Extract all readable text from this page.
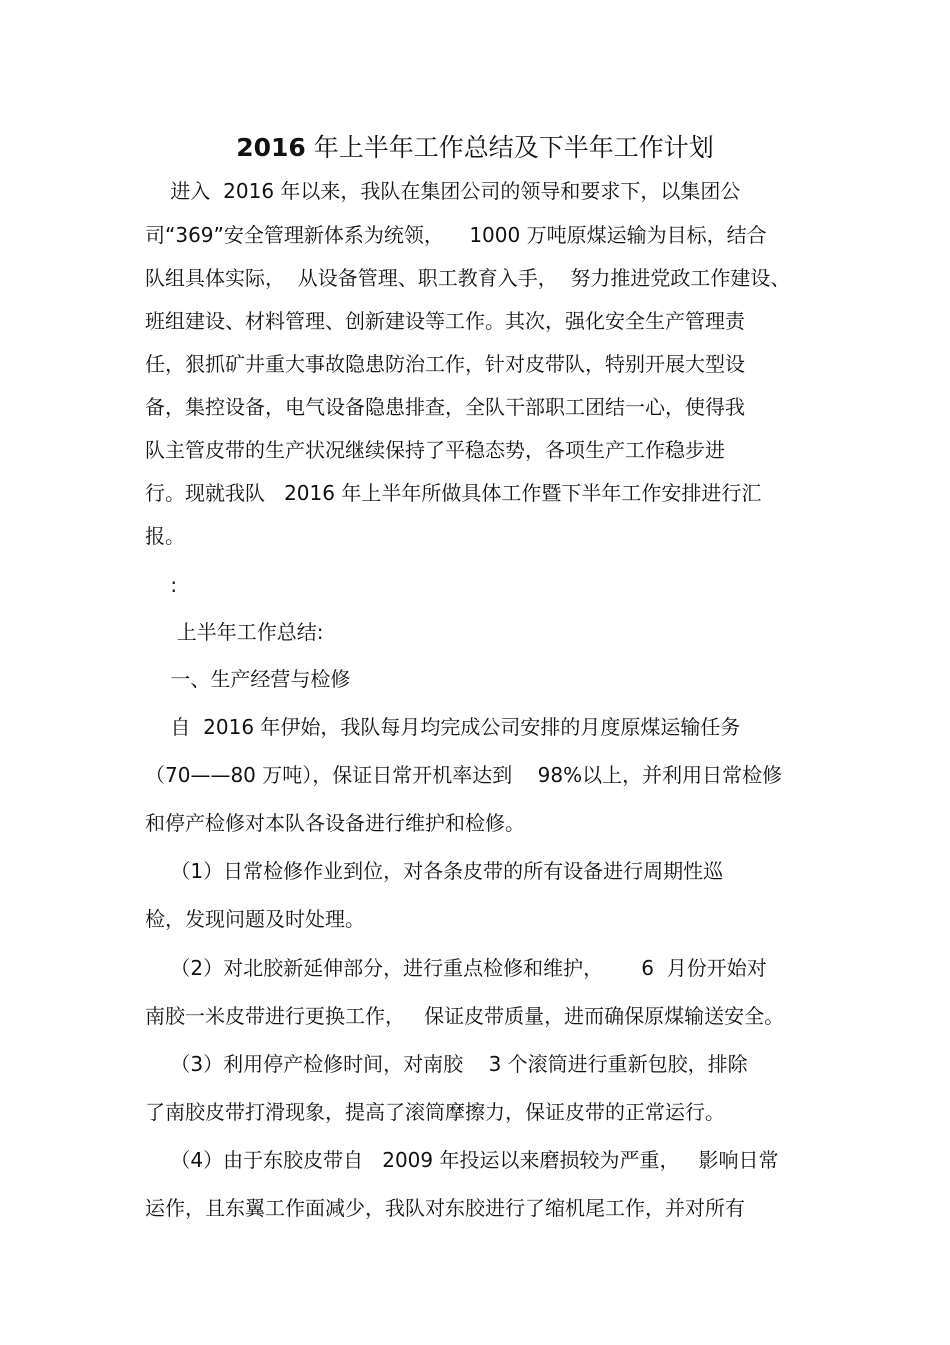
2016 年上半年工作总结及下半年工作计划
进入  2016 年以来，我队在集团公司的领导和要求下，以集团公
司“369”安全管理新体系为统领，    1000 万吨原煤运输为目标，结合
队组具体实际，  从设备管理、职工教育入手，  努力推进党政工作建设、
班组建设、材料管理、创新建设等工作。其次，强化安全生产管理责
任，狠抓矿井重大事故隐患防治工作，针对皮带队，特别开展大型设
备，集控设备，电气设备隐患排查，全队干部职工团结一心，使得我
队主管皮带的生产状况继续保持了平稳态势，各项生产工作稳步进
行。现就我队   2016 年上半年所做具体工作暨下半年工作安排进行汇
报。
:
上半年工作总结:
一、生产经营与检修
自  2016 年伊始，我队每月均完成公司安排的月度原煤运输任务
（70——80 万吨），保证日常开机率达到    98%以上，并利用日常检修
和停产检修对本队各设备进行维护和检修。
（1）日常检修作业到位，对各条皮带的所有设备进行周期性巡
检，发现问题及时处理。
（2）对北胶新延伸部分，进行重点检修和维护，      6  月份开始对
南胶一米皮带进行更换工作，   保证皮带质量，进而确保原煤输送安全。
（3）利用停产检修时间，对南胶    3 个滚筒进行重新包胶，排除
了南胶皮带打滑现象，提高了滚筒摩擦力，保证皮带的正常运行。
（4）由于东胶皮带自   2009 年投运以来磨损较为严重，   影响日常
运作，且东翼工作面减少，我队对东胶进行了缩机尾工作，并对所有
